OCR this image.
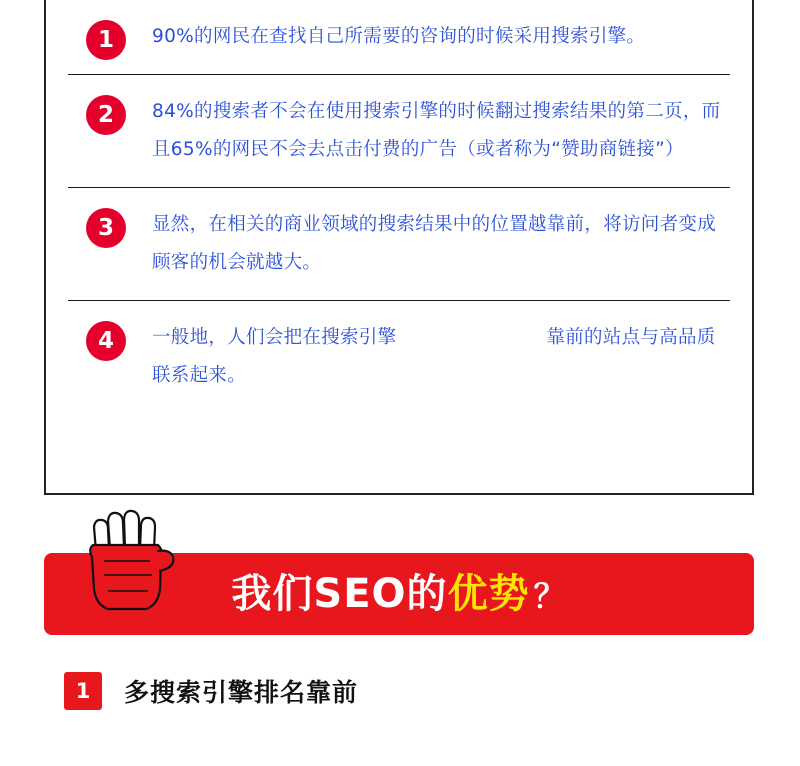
1	90%的网民在查找自己所需要的咨询的时候采用搜索引擎。
2	84%的搜索者不会在使用搜索引擎的时候翻过搜索结果的第二页，而且65%的网民不会去点击付费的广告（或者称为“赞助商链接”）
3	显然，在相关的商业领域的搜索结果中的位置越靠前，将访问者变成顾客的机会就越大。
4	一般地，人们会把在搜索引擎	靠前的站点与高品质联系起来。
我们SEO的优势 ？
1	多搜索引擎排名靠前
